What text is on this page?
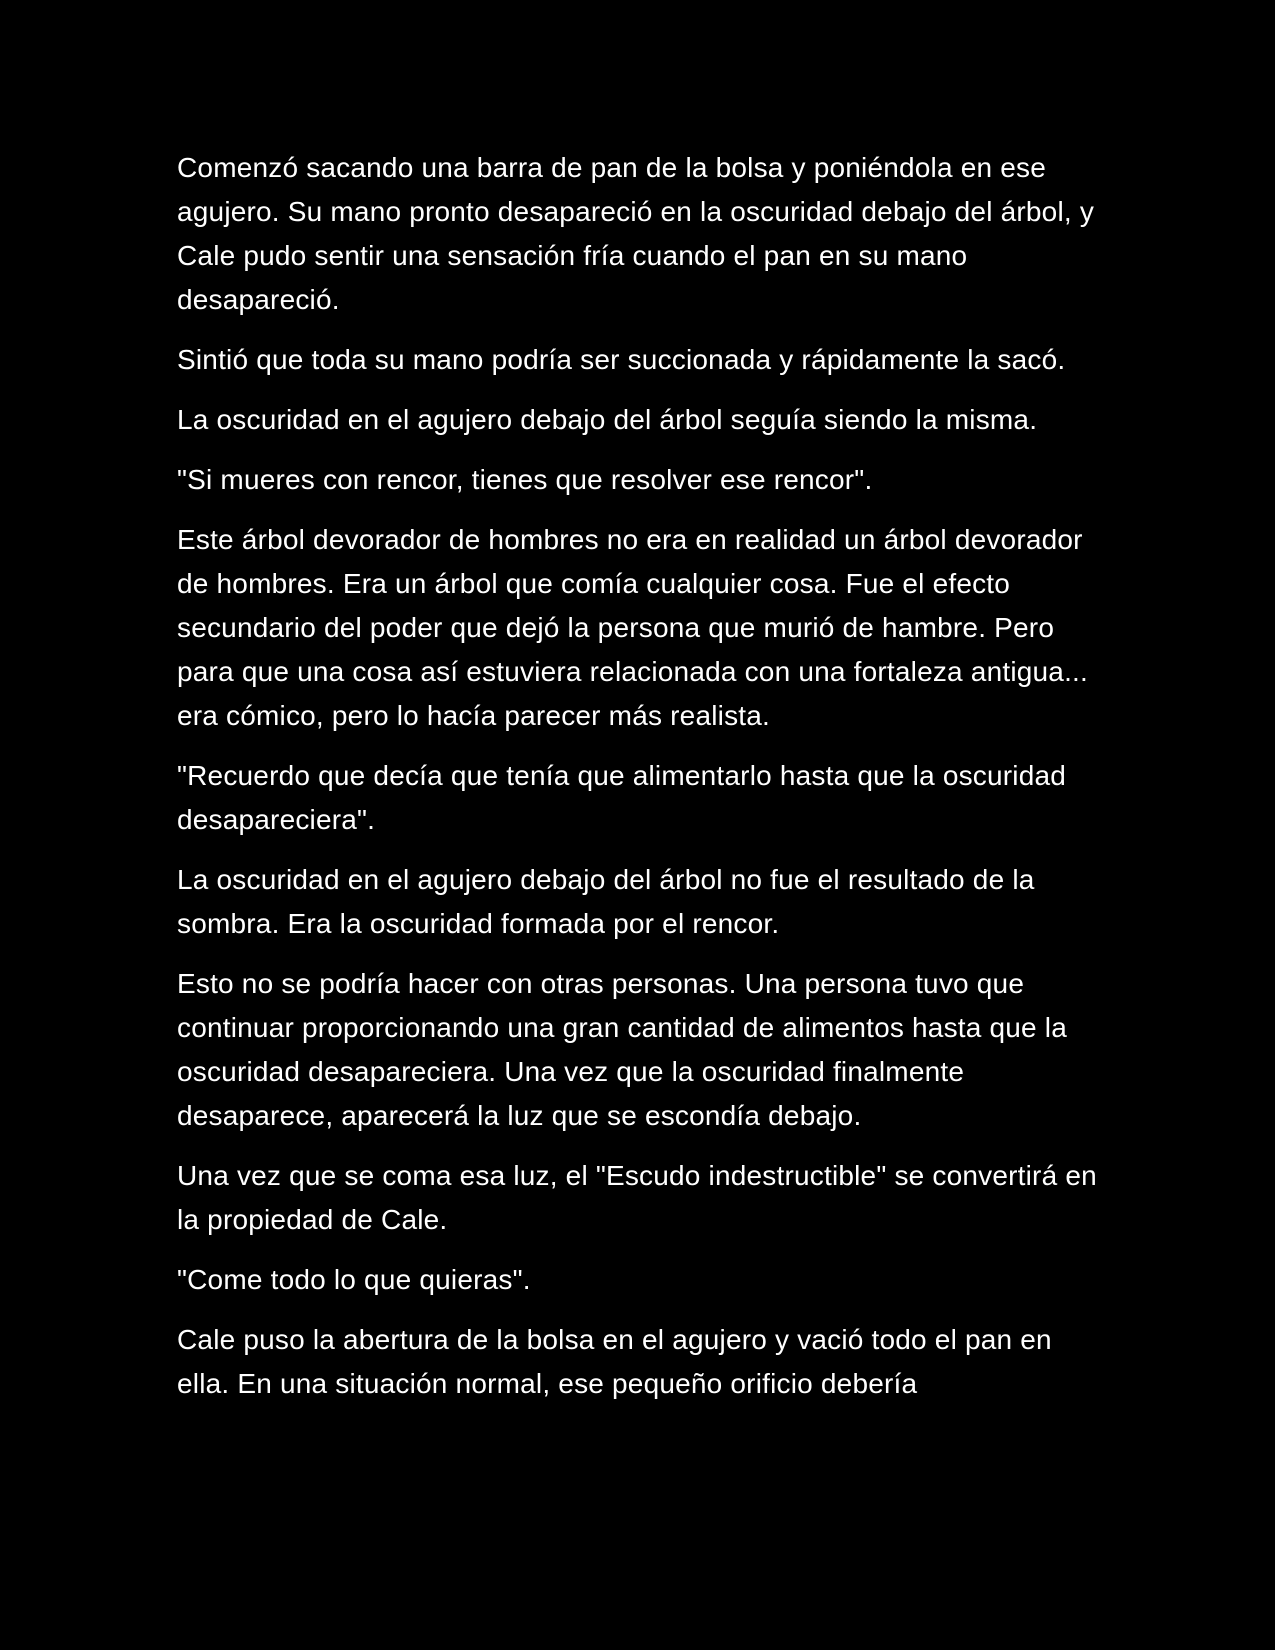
Comenzó sacando una barra de pan de la bolsa y poniéndola en ese agujero. Su mano pronto desapareció en la oscuridad debajo del árbol, y Cale pudo sentir una sensación fría cuando el pan en su mano desapareció.

Sintió que toda su mano podría ser succionada y rápidamente la sacó.

La oscuridad en el agujero debajo del árbol seguía siendo la misma.

"Si mueres con rencor, tienes que resolver ese rencor".

Este árbol devorador de hombres no era en realidad un árbol devorador de hombres. Era un árbol que comía cualquier cosa. Fue el efecto secundario del poder que dejó la persona que murió de hambre. Pero para que una cosa así estuviera relacionada con una fortaleza antigua... era cómico, pero lo hacía parecer más realista.

"Recuerdo que decía que tenía que alimentarlo hasta que la oscuridad desapareciera".

La oscuridad en el agujero debajo del árbol no fue el resultado de la sombra. Era la oscuridad formada por el rencor.

Esto no se podría hacer con otras personas. Una persona tuvo que continuar proporcionando una gran cantidad de alimentos hasta que la oscuridad desapareciera. Una vez que la oscuridad finalmente desaparece, aparecerá la luz que se escondía debajo.

Una vez que se coma esa luz, el "Escudo indestructible" se convertirá en la propiedad de Cale.

"Come todo lo que quieras".

Cale puso la abertura de la bolsa en el agujero y vació todo el pan en ella. En una situación normal, ese pequeño orificio debería
